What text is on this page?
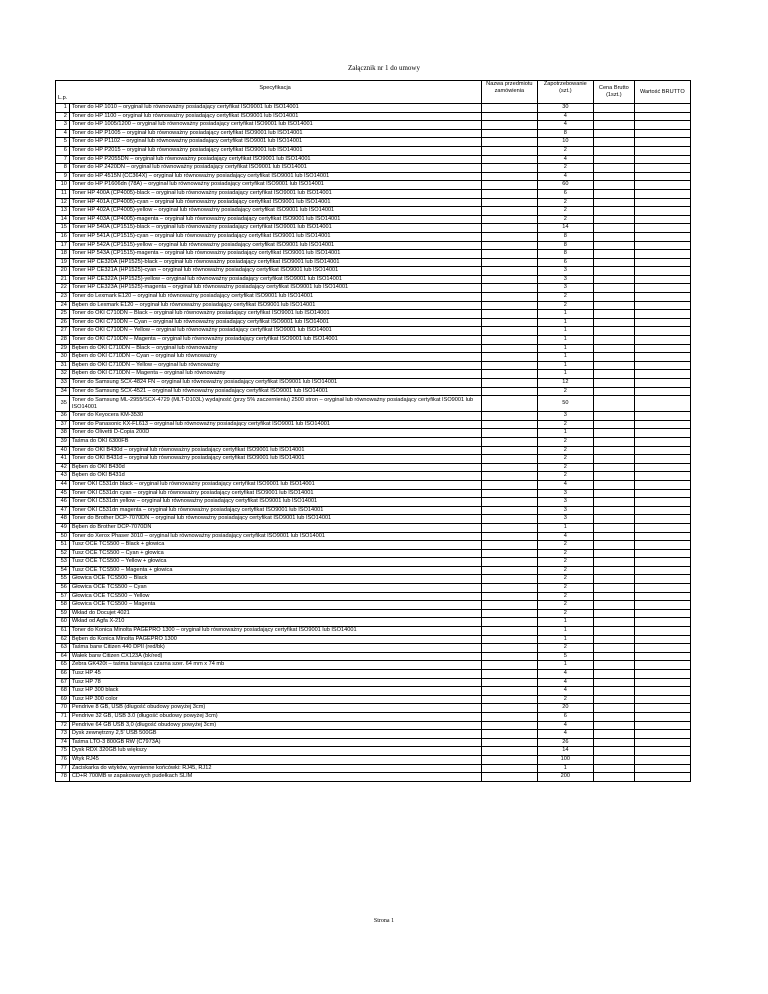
Załącznik nr 1 do umowy
L.p.	Specyfikacja	Nazwa przedmiotu zamówienia	Zapotrzebowanie (szt.)	Cena Brutto (1szt.)	Wartość BRUTTO
1	Toner do HP 1010 – oryginał lub równoważny posiadający certyfikat ISO9001 lub ISO14001		30		
2	Toner do HP 1100 – oryginał lub równoważny posiadający certyfikat ISO9001 lub ISO14001		4		
3	Toner do HP 1005/1200 – oryginał lub równoważny posiadający certyfikat ISO9001 lub ISO14001		4		
4	Toner do HP P1005 – oryginał lub równoważny posiadający certyfikat ISO9001 lub ISO14001		8		
5	Toner do HP P1102 – oryginał lub równoważny posiadający certyfikat ISO9001 lub ISO14001		10		
6	Toner do HP P2015 – oryginał lub równoważny posiadający certyfikat ISO9001 lub ISO14001		2		
7	Toner do HP P2055DN – oryginał lub równoważny posiadający certyfikat ISO9001 lub ISO14001		4		
8	Toner do HP 2420DN – oryginał lub równoważny posiadający certyfikat ISO9001 lub ISO14001		2		
9	Toner do HP 4515N (CC364X) – oryginał lub równoważny posiadający certyfikat ISO9001 lub ISO14001		4		
10	Toner do HP P1606dn (78A) – oryginał lub równoważny posiadający certyfikat ISO9001 lub ISO14001		60		
11	Toner HP 400A (CP4005)-black – oryginał lub równoważny posiadający certyfikat ISO9001 lub ISO14001		6		
12	Toner HP 401A (CP4005)-cyan – oryginał lub równoważny posiadający certyfikat ISO9001 lub ISO14001		2		
13	Toner HP 402A (CP4005)-yellow – oryginał lub równoważny posiadający certyfikat ISO9001 lub ISO14001		2		
14	Toner HP 403A (CP4005)-magenta – oryginał lub równoważny posiadający certyfikat ISO9001 lub ISO14001		2		
15	Toner HP 540A (CP1515)-black – oryginał lub równoważny posiadający certyfikat ISO9001 lub ISO14001		14		
16	Toner HP 541A (CP1515)-cyan – oryginał lub równoważny posiadający certyfikat ISO9001 lub ISO14001		8		
17	Toner HP 542A (CP1515)-yellow – oryginał lub równoważny posiadający certyfikat ISO9001 lub ISO14001		8		
18	Toner HP 543A (CP1515)-magenta – oryginał lub równoważny posiadający certyfikat ISO9001 lub ISO14001		8		
19	Toner HP CE320A (HP1525)-black – oryginał lub równoważny posiadający certyfikat ISO9001 lub ISO14001		6		
20	Toner HP CE321A (HP1525)-cyan – oryginał lub równoważny posiadający certyfikat ISO9001 lub ISO14001		3		
21	Toner HP CE322A (HP1525)-yellow – oryginał lub równoważny posiadający certyfikat ISO9001 lub ISO14001		3		
22	Toner HP CE323A (HP1525)-magenta – oryginał lub równoważny posiadający certyfikat ISO9001 lub ISO14001		3		
23	Toner do Lexmark E120 – oryginał lub równoważny posiadający certyfikat ISO9001 lub ISO14001		2		
24	Bęben do Lexmark E120 – oryginał lub równoważny posiadający certyfikat ISO9001 lub ISO14001		2		
25	Toner do OKI C710DN – Black – oryginał lub równoważny posiadający certyfikat ISO9001 lub ISO14001		1		
26	Toner do OKI C710DN – Cyan – oryginał lub równoważny posiadający certyfikat ISO9001 lub ISO14001		1		
27	Toner do OKI C710DN – Yellow – oryginał lub równoważny posiadający certyfikat ISO9001 lub ISO14001		1		
28	Toner do OKI C710DN – Magenta – oryginał lub równoważny posiadający certyfikat ISO9001 lub ISO14001		1		
29	Bęben do OKI C710DN – Black – oryginał lub równoważny		1		
30	Bęben do OKI C710DN – Cyan – oryginał lub równoważny		1		
31	Bęben do OKI C710DN – Yellow – oryginał lub równoważny		1		
32	Bęben do OKI C710DN – Magenta – oryginał lub równoważny		1		
33	Toner do Samsung SCX-4824 FN – oryginał lub równoważny posiadający certyfikat ISO9001 lub ISO14001		12		
34	Toner do Samsung SCX-4521 – oryginał lub równoważny posiadający certyfikat ISO9001 lub ISO14001		2		
35	Toner do Samsung ML-2955/SCX-4729 (MLT-D103L) wydajność (przy 5% zaczernieniu) 2500 stron – oryginał lub równoważny posiadający certyfikat ISO9001 lub ISO14001		50		
36	Toner do Keyocera KM-3530		3		
37	Toner do Panasonic KX-FL613 – oryginał lub równoważny posiadający certyfikat ISO9001 lub ISO14001		2		
38	Toner do Olivetti D-Copia 200D		1		
39	Taśma do OKI 6300FB		2		
40	Toner do OKI B430d – oryginał lub równoważny posiadający certyfikat ISO9001 lub ISO14001		2		
41	Toner do OKI B431d – oryginał lub równoważny posiadający certyfikat ISO9001 lub ISO14001		2		
42	Bęben do OKI B430d		2		
43	Bęben do OKI B431d		2		
44	Toner OKI C531dn black – oryginał lub równoważny posiadający certyfikat ISO9001 lub ISO14001		4		
45	Toner OKI C531dn cyan – oryginał lub równoważny posiadający certyfikat ISO9001 lub ISO14001		3		
46	Toner OKI C531dn yellow – oryginał lub równoważny posiadający certyfikat ISO9001 lub ISO14001		3		
47	Toner OKI C531dn magenta – oryginał lub równoważny posiadający certyfikat ISO9001 lub ISO14001		3		
48	Toner do Brother DCP-7070DN – oryginał lub równoważny posiadający certyfikat ISO9001 lub ISO14001		3		
49	Bęben do Brother DCP-7070DN		1		
50	Toner do Xerox Phaser 3010 – oryginał lub równoważny posiadający certyfikat ISO9001 lub ISO14001		4		
51	Tusz OCE TCS500 – Black + głowica		2		
52	Tusz OCE TCS500 – Cyan + głowica		2		
53	Tusz OCE TCS500 – Yellow + głowica		2		
54	Tusz OCE TCS500 – Magenta + głowica		2		
55	Głowica OCE TCS500 – Black		2		
56	Głowica OCE TCS500 – Cyan		2		
57	Głowica OCE TCS500 – Yellow		2		
58	Głowica OCE TCS500 – Magenta		2		
59	Wkład do Docujet 4021		2		
60	Wkład od Agfa X-210		1		
61	Toner do Konica Minolta PAGEPRO 1300 – oryginał lub równoważny posiadający certyfikat ISO9001 lub ISO14001		1		
62	Bęben do Konica Minolta PAGEPRO 1300		1		
63	Taśma barw Citizen 440 DPII (red/bk)		2		
64	Wałek barw Citizen CX123A (bk/red)		5		
65	Zebra GK420t – taśma barwiąca czarna szer. 64 mm x 74 mb		1		
66	Tusz HP 45		4		
67	Tusz HP 78		4		
68	Tusz HP 300 black		4		
69	Tusz HP 300 color		2		
70	Pendrive 8 GB, USB (długość obudowy powyżej 3cm)		20		
71	Pendrive 32 GB, USB 3.0 (długość obudowy powyżej 3cm)		6		
72	Pendrive 64 GB USB 3,0 (długość obudowy powyżej 3cm)		4		
73	Dysk zewnętrzny 2,5' USB 500GB		4		
74	Taśma LTO-3 800GB RW (C7973A)		26		
75	Dysk RDX 320GB lub większy		14		
76	Wtyk RJ45		100		
77	Zaciskarka do wtyków, wymienne końcówki: RJ45, RJ12		1		
78	CD+R 700MB w zapakowanych pudełkach SLIM		200		
Strona 1
